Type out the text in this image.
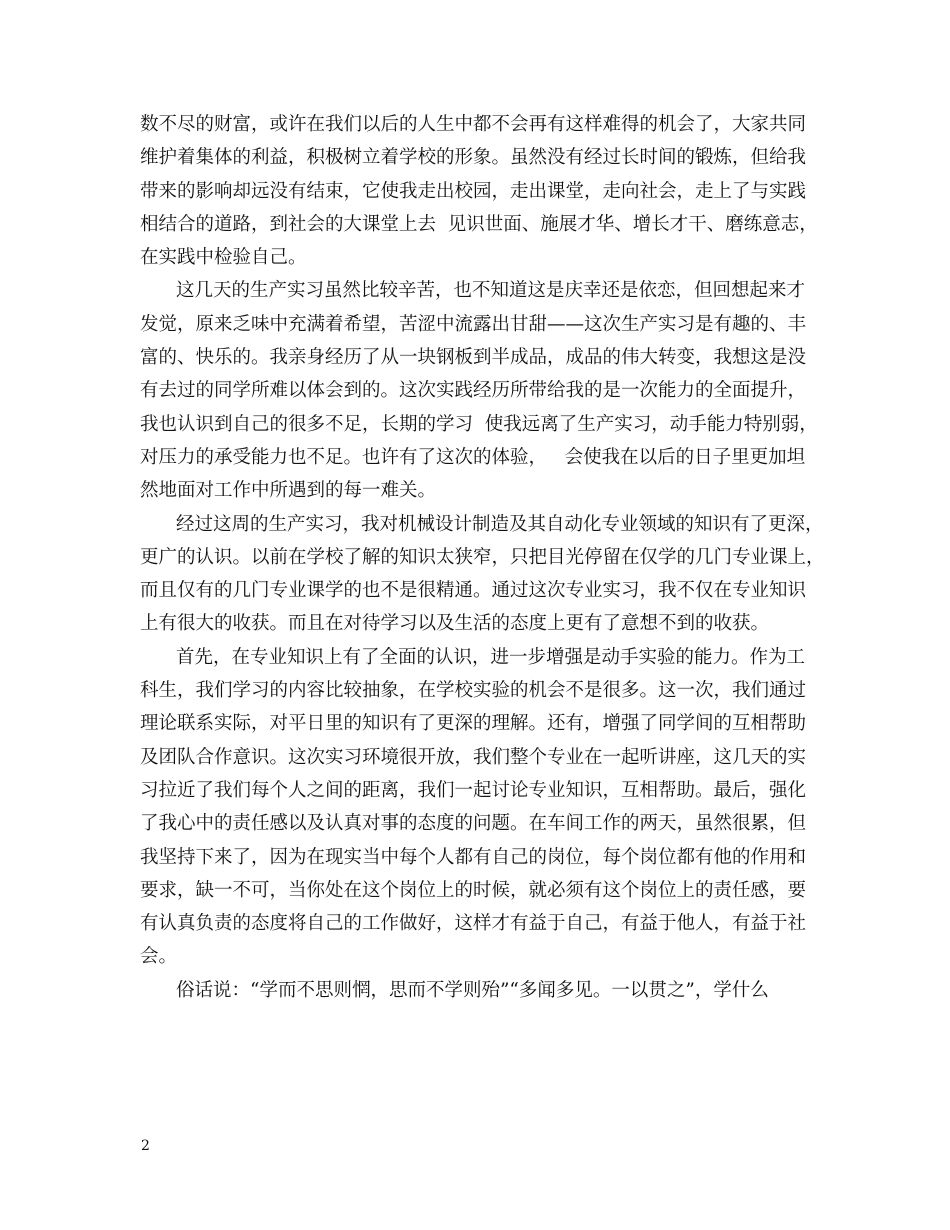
数不尽的财富，或许在我们以后的人生中都不会再有这样难得的机会了，大家共同
维护着集体的利益，积极树立着学校的形象。虽然没有经过长时间的锻炼，但给我
带来的影响却远没有结束，它使我走出校园，走出课堂，走向社会，走上了与实践
相结合的道路，到社会的大课堂上去  见识世面、施展才华、增长才干、磨练意志，
在实践中检验自己。
这几天的生产实习虽然比较辛苦，也不知道这是庆幸还是依恋，但回想起来才
发觉，原来乏味中充满着希望，苦涩中流露出甘甜——这次生产实习是有趣的、丰
富的、快乐的。我亲身经历了从一块钢板到半成品，成品的伟大转变，我想这是没
有去过的同学所难以体会到的。这次实践经历所带给我的是一次能力的全面提升，
我也认识到自己的很多不足，长期的学习  使我远离了生产实习，动手能力特别弱，
对压力的承受能力也不足。也许有了这次的体验，   会使我在以后的日子里更加坦
然地面对工作中所遇到的每一难关。
经过这周的生产实习，我对机械设计制造及其自动化专业领域的知识有了更深，
更广的认识。以前在学校了解的知识太狭窄，只把目光停留在仅学的几门专业课上，
而且仅有的几门专业课学的也不是很精通。通过这次专业实习，我不仅在专业知识
上有很大的收获。而且在对待学习以及生活的态度上更有了意想不到的收获。
首先，在专业知识上有了全面的认识，进一步增强是动手实验的能力。作为工
科生，我们学习的内容比较抽象，在学校实验的机会不是很多。这一次，我们通过
理论联系实际，对平日里的知识有了更深的理解。还有，增强了同学间的互相帮助
及团队合作意识。这次实习环境很开放，我们整个专业在一起听讲座，这几天的实
习拉近了我们每个人之间的距离，我们一起讨论专业知识，互相帮助。最后，强化
了我心中的责任感以及认真对事的态度的问题。在车间工作的两天，虽然很累，但
我坚持下来了，因为在现实当中每个人都有自己的岗位，每个岗位都有他的作用和
要求，缺一不可，当你处在这个岗位上的时候，就必须有这个岗位上的责任感，要
有认真负责的态度将自己的工作做好，这样才有益于自己，有益于他人，有益于社
会。
俗话说：“学而不思则惘，思而不学则殆”“多闻多见。一以贯之”，学什么
2
